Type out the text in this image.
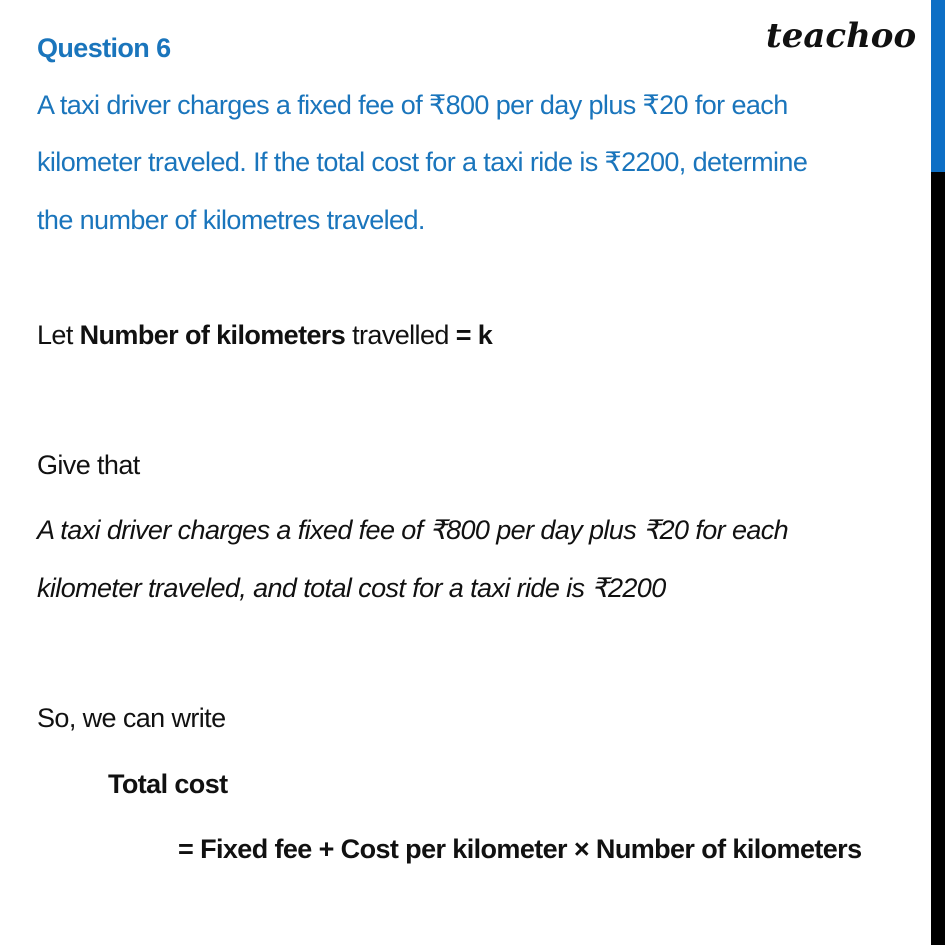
teachoo
Question 6
A taxi driver charges a fixed fee of ₹800 per day plus ₹20 for each
kilometer traveled. If the total cost for a taxi ride is ₹2200, determine
the number of kilometres traveled.
Let Number of kilometers travelled = k
Give that
A taxi driver charges a fixed fee of ₹800 per day plus ₹20 for each
kilometer traveled, and total cost for a taxi ride is ₹2200
So, we can write
Total cost
= Fixed fee + Cost per kilometer × Number of kilometers
